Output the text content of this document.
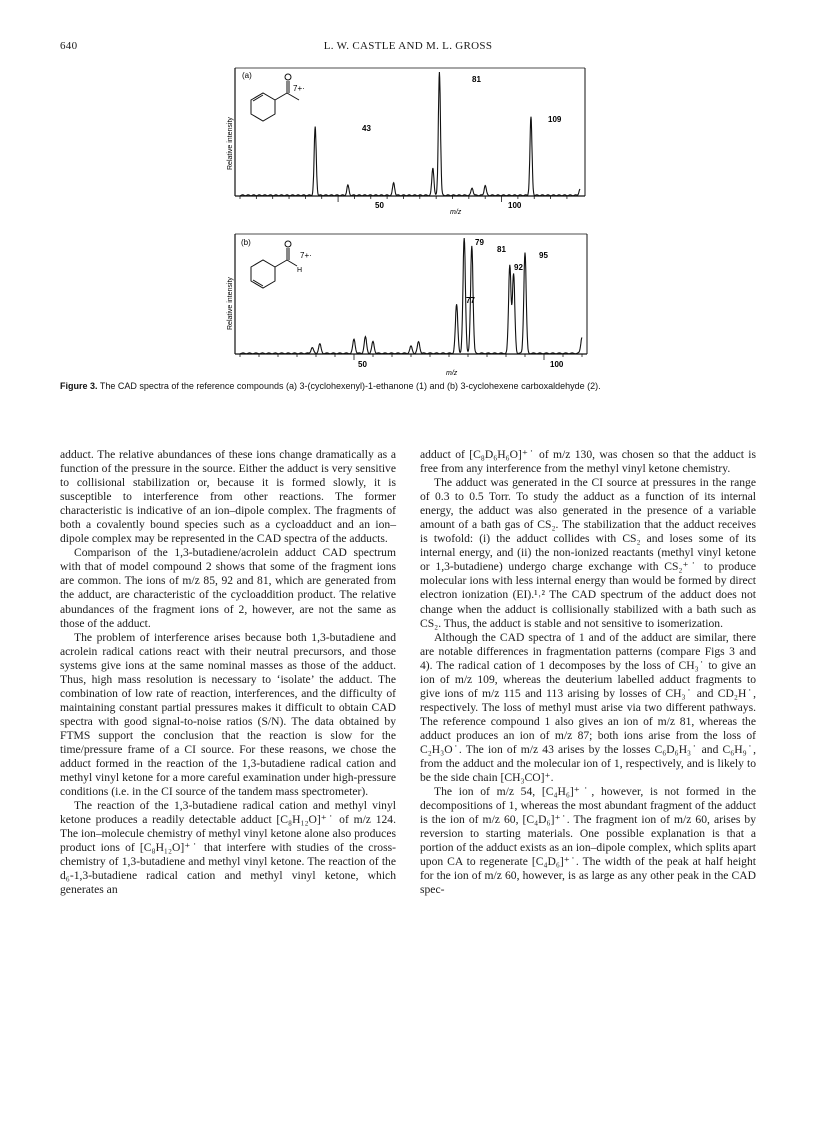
640	L. W. CASTLE AND M. L. GROSS
(a)
Relative intensity
50	100
m/z
81
43
109
7+·
(b)
Relative intensity
50	100
m/z
79
81
92
95
77
H
7+·
Figure 3. The CAD spectra of the reference compounds (a) 3-(cyclohexenyl)-1-ethanone (1) and (b) 3-cyclohexene carboxaldehyde (2).

adduct. The relative abundances of these ions change dramatically as a function of the pressure in the source. Either the adduct is very sensitive to collisional stabilization or, because it is formed slowly, it is susceptible to interference from other reactions. The former characteristic is indicative of an ion–dipole complex. The fragments of both a covalently bound species such as a cycloadduct and an ion–dipole complex may be represented in the CAD spectra of the adducts.

Comparison of the 1,3-butadiene/acrolein adduct CAD spectrum with that of model compound 2 shows that some of the fragment ions are common. The ions of m/z 85, 92 and 81, which are generated from the adduct, are characteristic of the cycloaddition product. The relative abundances of the fragment ions of 2, however, are not the same as those of the adduct.

The problem of interference arises because both 1,3-butadiene and acrolein radical cations react with their neutral precursors, and those systems give ions at the same nominal masses as those of the adduct. Thus, high mass resolution is necessary to ‘isolate’ the adduct. The combination of low rate of reaction, interferences, and the difficulty of maintaining constant partial pressures makes it difficult to obtain CAD spectra with good signal-to-noise ratios (S/N). The data obtained by FTMS support the conclusion that the reaction is slow for the time/pressure frame of a CI source. For these reasons, we chose the adduct formed in the reaction of the 1,3-butadiene radical cation and methyl vinyl ketone for a more careful examination under high-pressure conditions (i.e. in the CI source of the tandem mass spectrometer).

The reaction of the 1,3-butadiene radical cation and methyl vinyl ketone produces a readily detectable adduct [C₈H₁₂O]⁺˙ of m/z 124. The ion–molecule chemistry of methyl vinyl ketone alone also produces product ions of [C₈H₁₂O]⁺˙ that interfere with studies of the cross-chemistry of 1,3-butadiene and methyl vinyl ketone. The reaction of the d₆-1,3-butadiene radical cation and methyl vinyl ketone, which generates an

adduct of [C₈D₆H₆O]⁺˙ of m/z 130, was chosen so that the adduct is free from any interference from the methyl vinyl ketone chemistry.

The adduct was generated in the CI source at pressures in the range of 0.3 to 0.5 Torr. To study the adduct as a function of its internal energy, the adduct was also generated in the presence of a variable amount of a bath gas of CS₂. The stabilization that the adduct receives is twofold: (i) the adduct collides with CS₂ and loses some of its internal energy, and (ii) the non-ionized reactants (methyl vinyl ketone or 1,3-butadiene) undergo charge exchange with CS₂⁺˙ to produce molecular ions with less internal energy than would be formed by direct electron ionization (EI).¹˒² The CAD spectrum of the adduct does not change when the adduct is collisionally stabilized with a bath such as CS₂. Thus, the adduct is stable and not sensitive to isomerization.

Although the CAD spectra of 1 and of the adduct are similar, there are notable differences in fragmentation patterns (compare Figs 3 and 4). The radical cation of 1 decomposes by the loss of CH₃˙ to give an ion of m/z 109, whereas the deuterium labelled adduct fragments to give ions of m/z 115 and 113 arising by losses of CH₃˙ and CD₂H˙, respectively. The loss of methyl must arise via two different pathways. The reference compound 1 also gives an ion of m/z 81, whereas the adduct produces an ion of m/z 87; both ions arise from the loss of C₂H₃O˙. The ion of m/z 43 arises by the losses C₆D₆H₃˙ and C₆H₉˙, from the adduct and the molecular ion of 1, respectively, and is likely to be the side chain [CH₃CO]⁺.

The ion of m/z 54, [C₄H₆]⁺˙, however, is not formed in the decompositions of 1, whereas the most abundant fragment of the adduct is the ion of m/z 60, [C₄D₆]⁺˙. The fragment ion of m/z 60, arises by reversion to starting materials. One possible explanation is that a portion of the adduct exists as an ion–dipole complex, which splits apart upon CA to regenerate [C₄D₆]⁺˙. The width of the peak at half height for the ion of m/z 60, however, is as large as any other peak in the CAD spec-
